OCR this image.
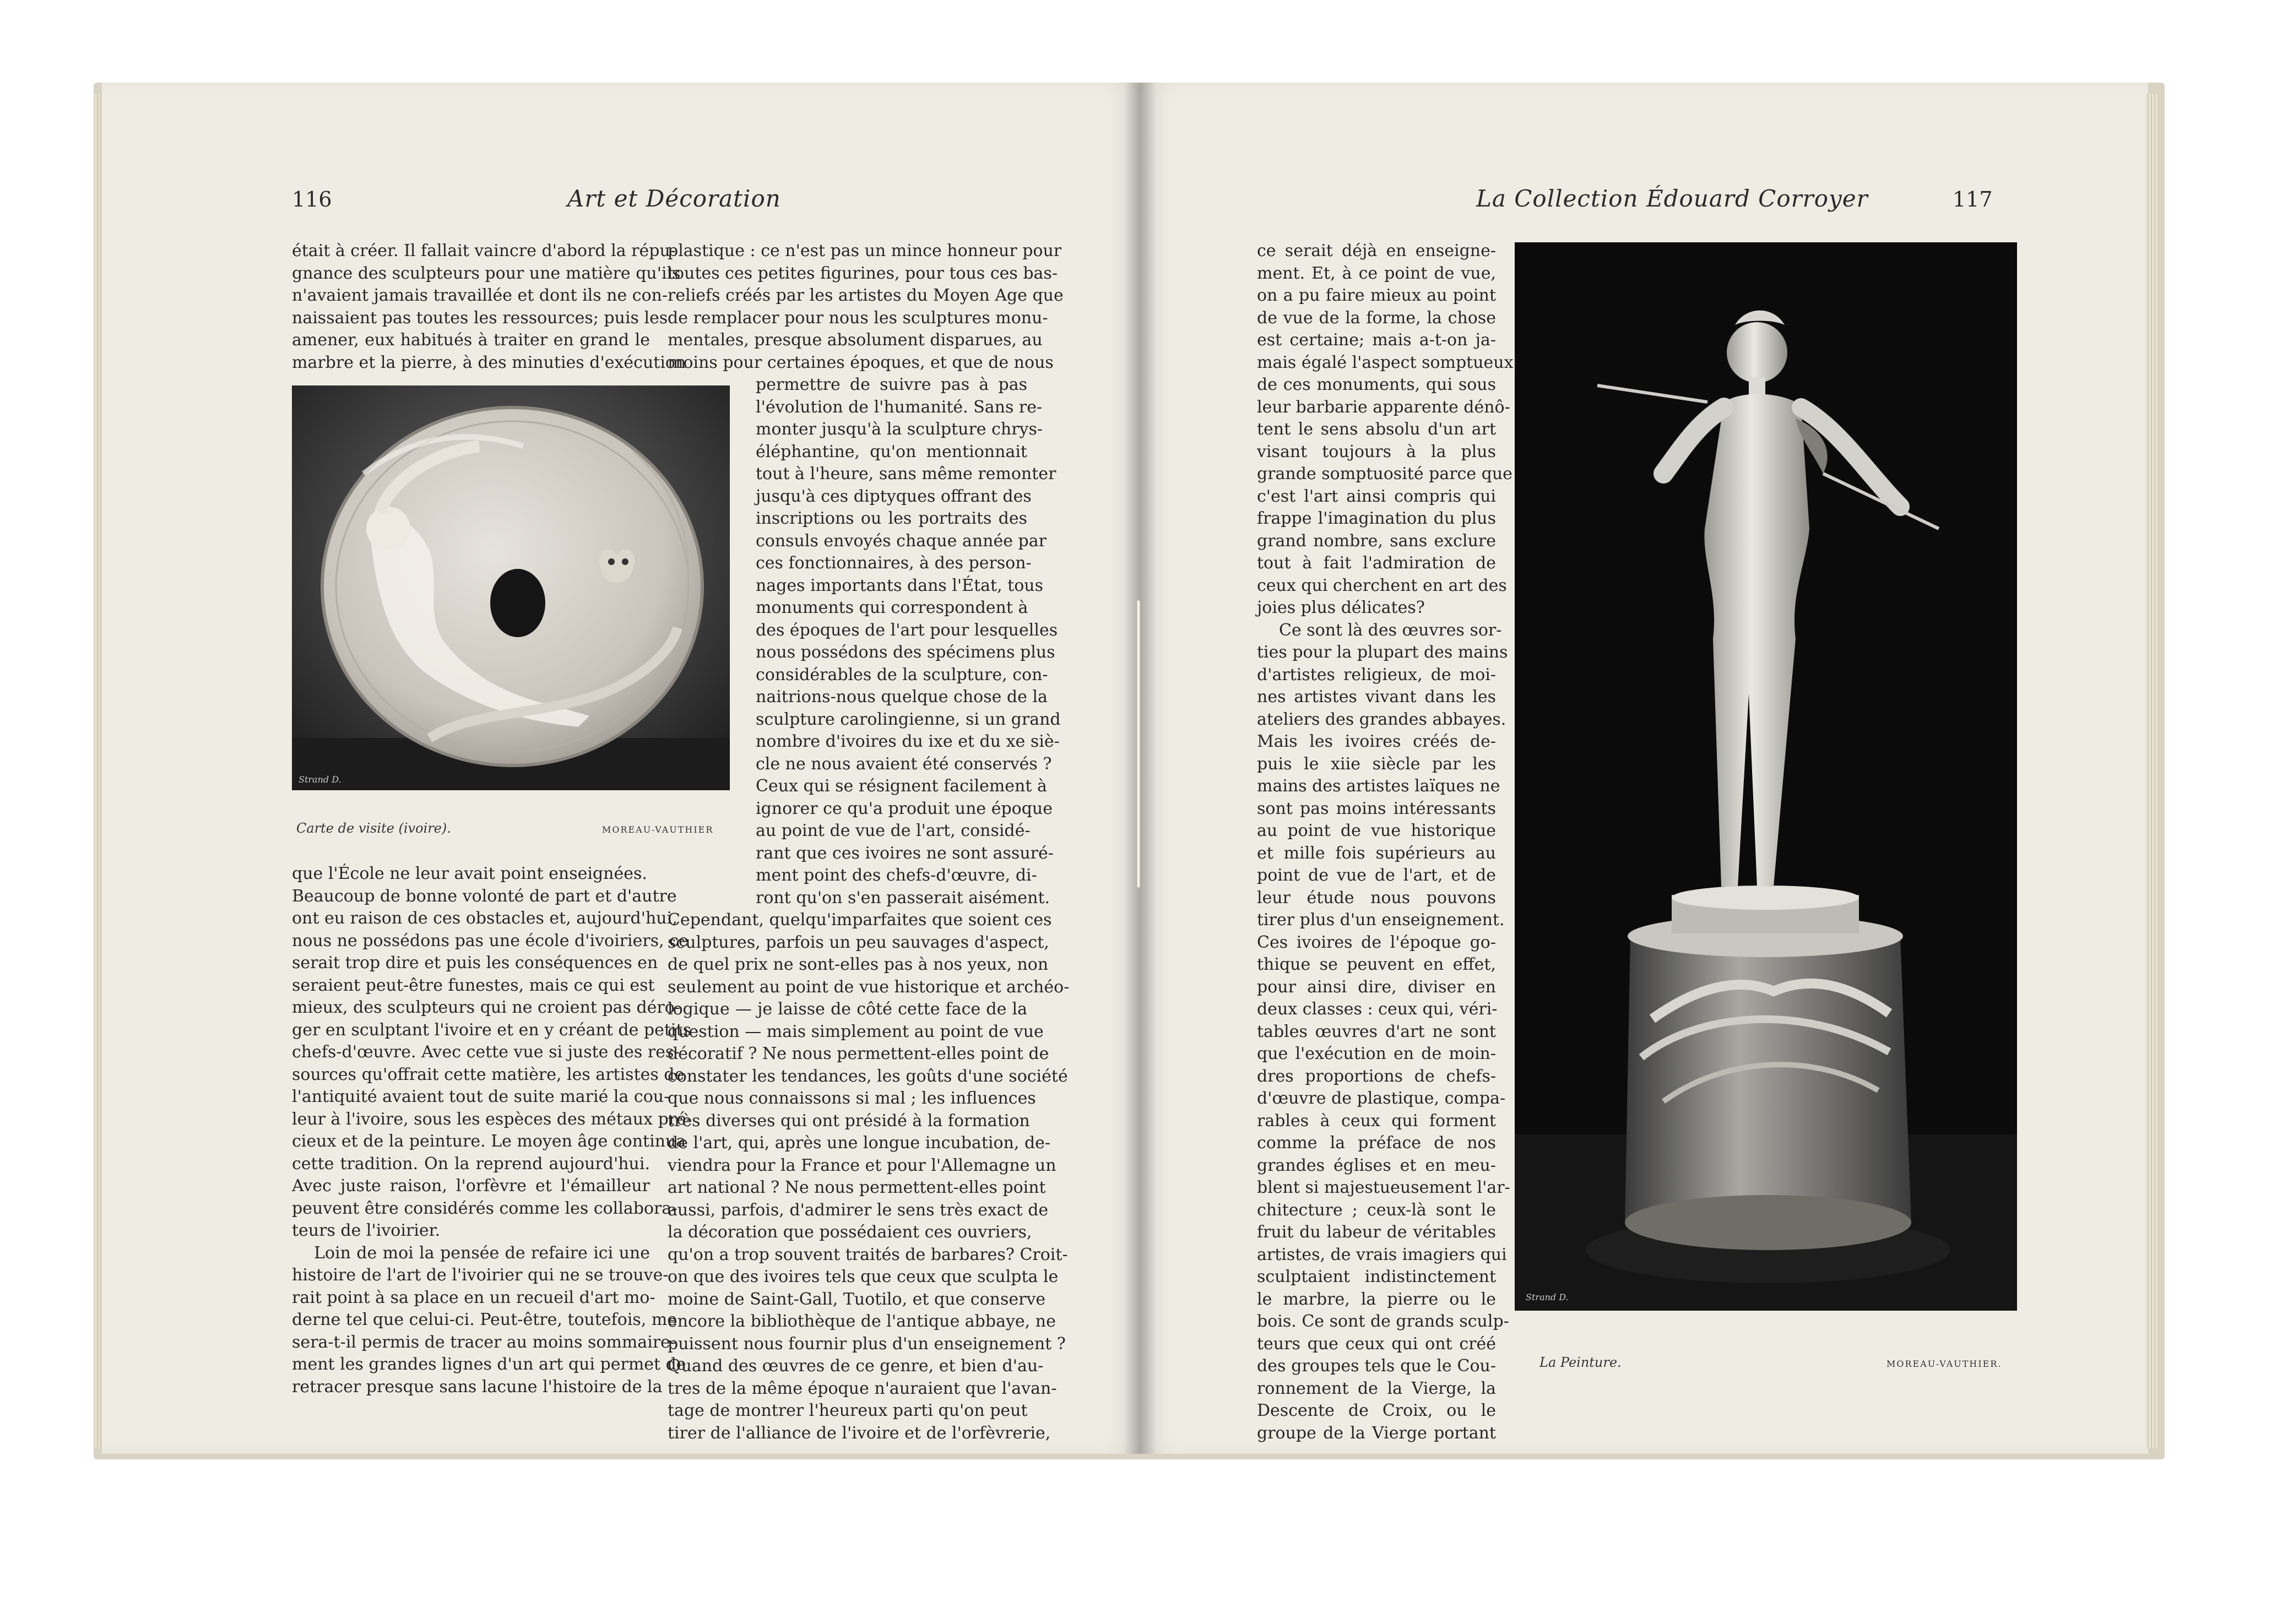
116	Art et Décoration	La Collection Édouard Corroyer	117
était à créer. Il fallait vaincre d'abord la répu-
gnance des sculpteurs pour une matière qu'ils
n'avaient jamais travaillée et dont ils ne con-
naissaient pas toutes les ressources; puis les
amener, eux habitués à traiter en grand le
marbre et la pierre, à des minuties d'exécution
Strand D.
Carte de visite (ivoire).	MOREAU-VAUTHIER
que l'École ne leur avait point enseignées.
Beaucoup de bonne volonté de part et d'autre
ont eu raison de ces obstacles et, aujourd'hui,
nous ne possédons pas une école d'ivoiriers, ce
serait trop dire et puis les conséquences en
seraient peut-être funestes, mais ce qui est
mieux, des sculpteurs qui ne croient pas déro-
ger en sculptant l'ivoire et en y créant de petits
chefs-d'œuvre. Avec cette vue si juste des res-
sources qu'offrait cette matière, les artistes de
l'antiquité avaient tout de suite marié la cou-
leur à l'ivoire, sous les espèces des métaux pré-
cieux et de la peinture. Le moyen âge continua
cette tradition. On la reprend aujourd'hui.
Avec juste raison, l'orfèvre et l'émailleur
peuvent être considérés comme les collabora-
teurs de l'ivoirier.
Loin de moi la pensée de refaire ici une
histoire de l'art de l'ivoirier qui ne se trouve-
rait point à sa place en un recueil d'art mo-
derne tel que celui-ci. Peut-être, toutefois, me
sera-t-il permis de tracer au moins sommaire-
ment les grandes lignes d'un art qui permet de
retracer presque sans lacune l'histoire de la
plastique : ce n'est pas un mince honneur pour
toutes ces petites figurines, pour tous ces bas-
reliefs créés par les artistes du Moyen Age que
de remplacer pour nous les sculptures monu-
mentales, presque absolument disparues, au
moins pour certaines époques, et que de nous
permettre de suivre pas à pas
l'évolution de l'humanité. Sans re-
monter jusqu'à la sculpture chrys-
éléphantine, qu'on mentionnait
tout à l'heure, sans même remonter
jusqu'à ces diptyques offrant des
inscriptions ou les portraits des
consuls envoyés chaque année par
ces fonctionnaires, à des person-
nages importants dans l'État, tous
monuments qui correspondent à
des époques de l'art pour lesquelles
nous possédons des spécimens plus
considérables de la sculpture, con-
naitrions-nous quelque chose de la
sculpture carolingienne, si un grand
nombre d'ivoires du ixe et du xe siè-
cle ne nous avaient été conservés ?
Ceux qui se résignent facilement à
ignorer ce qu'a produit une époque
au point de vue de l'art, considé-
rant que ces ivoires ne sont assuré-
ment point des chefs-d'œuvre, di-
ront qu'on s'en passerait aisément.
Cependant, quelqu'imparfaites que soient ces
sculptures, parfois un peu sauvages d'aspect,
de quel prix ne sont-elles pas à nos yeux, non
seulement au point de vue historique et archéo-
logique — je laisse de côté cette face de la
question — mais simplement au point de vue
décoratif ? Ne nous permettent-elles point de
constater les tendances, les goûts d'une société
que nous connaissons si mal ; les influences
très diverses qui ont présidé à la formation
de l'art, qui, après une longue incubation, de-
viendra pour la France et pour l'Allemagne un
art national ? Ne nous permettent-elles point
aussi, parfois, d'admirer le sens très exact de
la décoration que possédaient ces ouvriers,
qu'on a trop souvent traités de barbares? Croit-
on que des ivoires tels que ceux que sculpta le
moine de Saint-Gall, Tuotilo, et que conserve
encore la bibliothèque de l'antique abbaye, ne
puissent nous fournir plus d'un enseignement ?
Quand des œuvres de ce genre, et bien d'au-
tres de la même époque n'auraient que l'avan-
tage de montrer l'heureux parti qu'on peut
tirer de l'alliance de l'ivoire et de l'orfèvrerie,
ce serait déjà en enseigne-
ment. Et, à ce point de vue,
on a pu faire mieux au point
de vue de la forme, la chose
est certaine; mais a-t-on ja-
mais égalé l'aspect somptueux
de ces monuments, qui sous
leur barbarie apparente dénô-
tent le sens absolu d'un art
visant toujours à la plus
grande somptuosité parce que
c'est l'art ainsi compris qui
frappe l'imagination du plus
grand nombre, sans exclure
tout à fait l'admiration de
ceux qui cherchent en art des
joies plus délicates?
Ce sont là des œuvres sor-
ties pour la plupart des mains
d'artistes religieux, de moi-
nes artistes vivant dans les
ateliers des grandes abbayes.
Mais les ivoires créés de-
puis le xiie siècle par les
mains des artistes laïques ne
sont pas moins intéressants
au point de vue historique
et mille fois supérieurs au
point de vue de l'art, et de
leur étude nous pouvons
tirer plus d'un enseignement.
Ces ivoires de l'époque go-
thique se peuvent en effet,
pour ainsi dire, diviser en
deux classes : ceux qui, véri-
tables œuvres d'art ne sont
que l'exécution en de moin-
dres proportions de chefs-
d'œuvre de plastique, compa-
rables à ceux qui forment
comme la préface de nos
grandes églises et en meu-
blent si majestueusement l'ar-
chitecture ; ceux-là sont le
fruit du labeur de véritables
artistes, de vrais imagiers qui
sculptaient indistinctement
le marbre, la pierre ou le
bois. Ce sont de grands sculp-
teurs que ceux qui ont créé
des groupes tels que le Cou-
ronnement de la Vierge, la
Descente de Croix, ou le
groupe de la Vierge portant
Strand D.
La Peinture.	MOREAU-VAUTHIER.
